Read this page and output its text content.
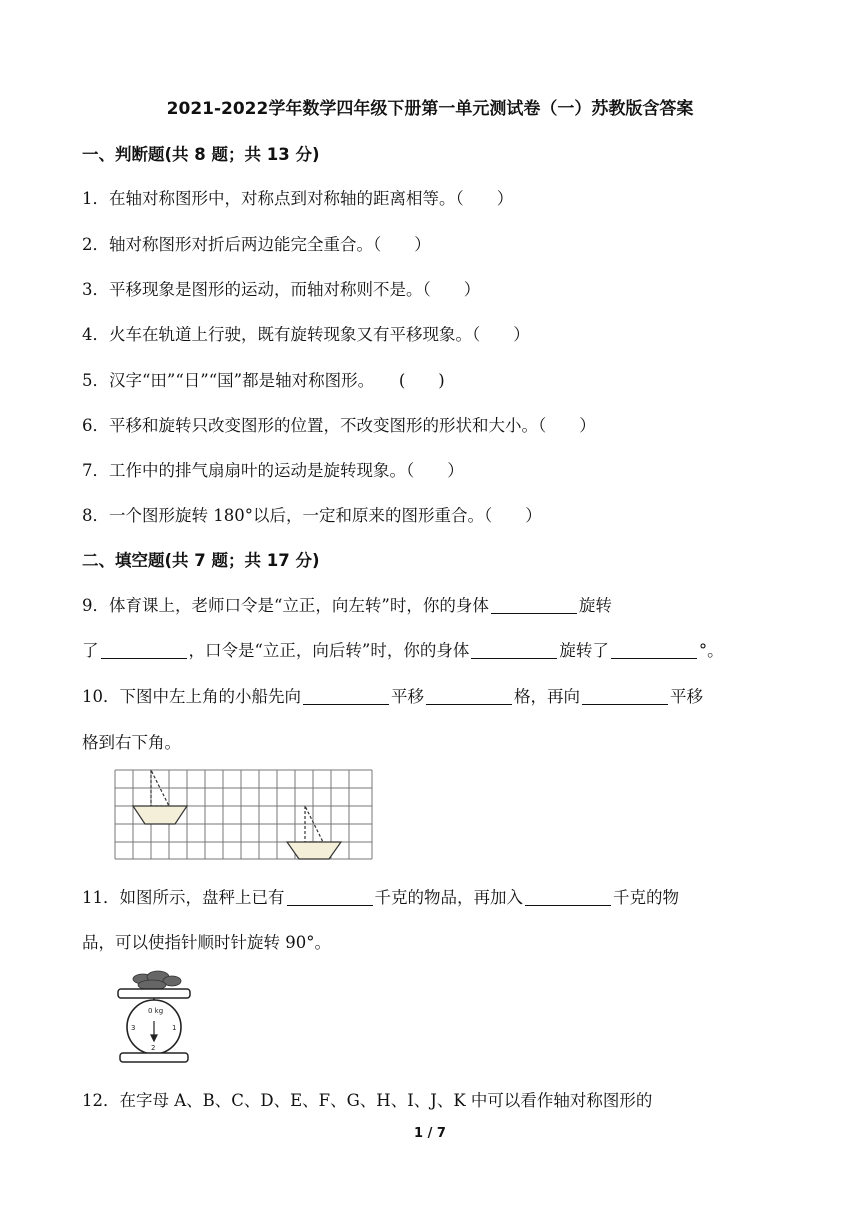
2021-2022学年数学四年级下册第一单元测试卷（一）苏教版含答案
一、判断题(共 8 题；共 13 分)
1．在轴对称图形中，对称点到对称轴的距离相等。（　　）
2．轴对称图形对折后两边能完全重合。（　　）
3．平移现象是图形的运动，而轴对称则不是。（　　）
4．火车在轨道上行驶，既有旋转现象又有平移现象。（　　）
5．汉字“田”“日”“国”都是轴对称图形。　　(　　)
6．平移和旋转只改变图形的位置，不改变图形的形状和大小。（　　）
7．工作中的排气扇扇叶的运动是旋转现象。（　　）
8．一个图形旋转 180°以后，一定和原来的图形重合。（　　）
二、填空题(共 7 题；共 17 分)
9．体育课上，老师口令是“立正，向左转”时，你的身体	旋转
了	，口令是“立正，向后转”时，你的身体	旋转了	°。
10．下图中左上角的小船先向	平移	格，再向	平移
格到右下角。
11．如图所示，盘秤上已有	千克的物品，再加入	千克的物
品，可以使指针顺时针旋转 90°。
0 kg
1
2
3
12．在字母 A、B、C、D、E、F、G、H、I、J、K 中可以看作轴对称图形的
1 / 7
